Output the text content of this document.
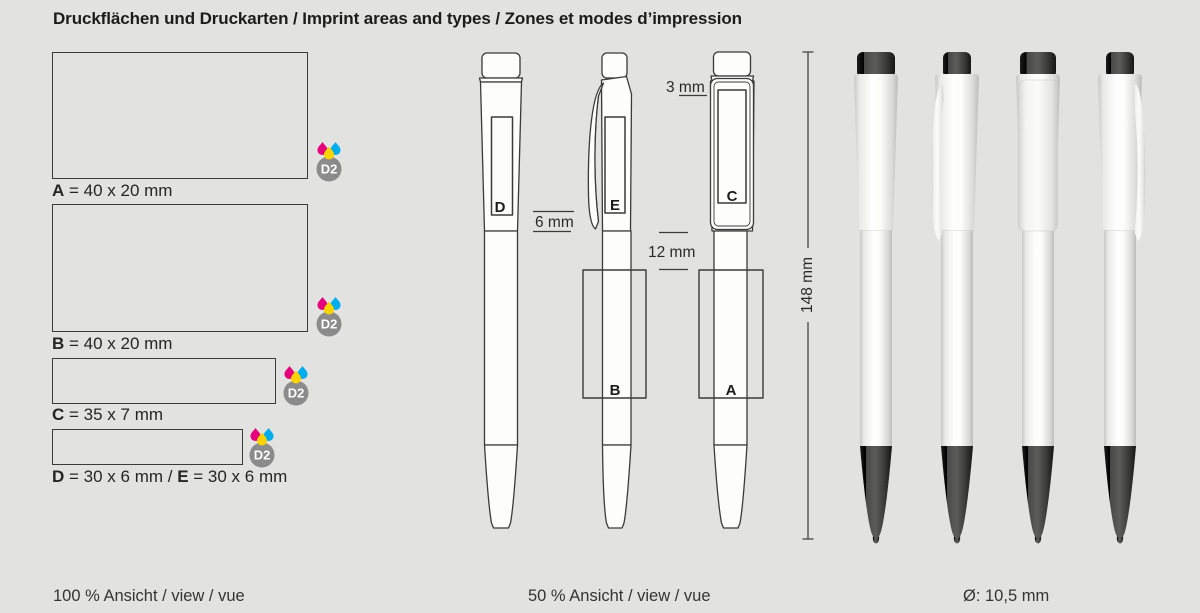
Druckflächen und Druckarten / Imprint areas and types / Zones et modes d’impression
A = 40 x 20 mm
B = 40 x 20 mm
C = 35 x 7 mm
D = 30 x 6 mm / E = 30 x 6 mm
D2
D2
D2
D2
D	E
C
B	A
3 mm
6 mm
12 mm
148 mm
100 % Ansicht / view / vue	50 % Ansicht / view / vue	Ø: 10,5 mm
